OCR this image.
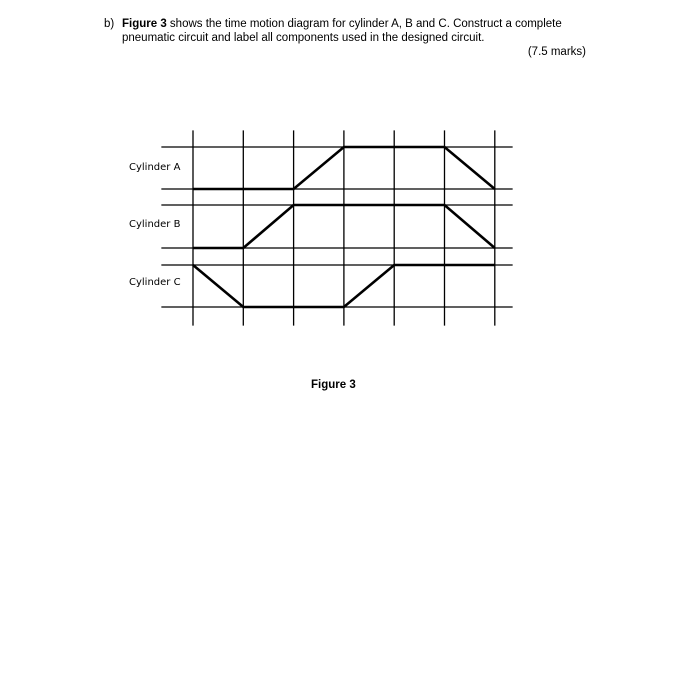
b) Figure 3 shows the time motion diagram for cylinder A, B and C. Construct a complete pneumatic circuit and label all components used in the designed circuit.
(7.5 marks)
Cylinder A
Cylinder B
Cylinder C
Figure 3
